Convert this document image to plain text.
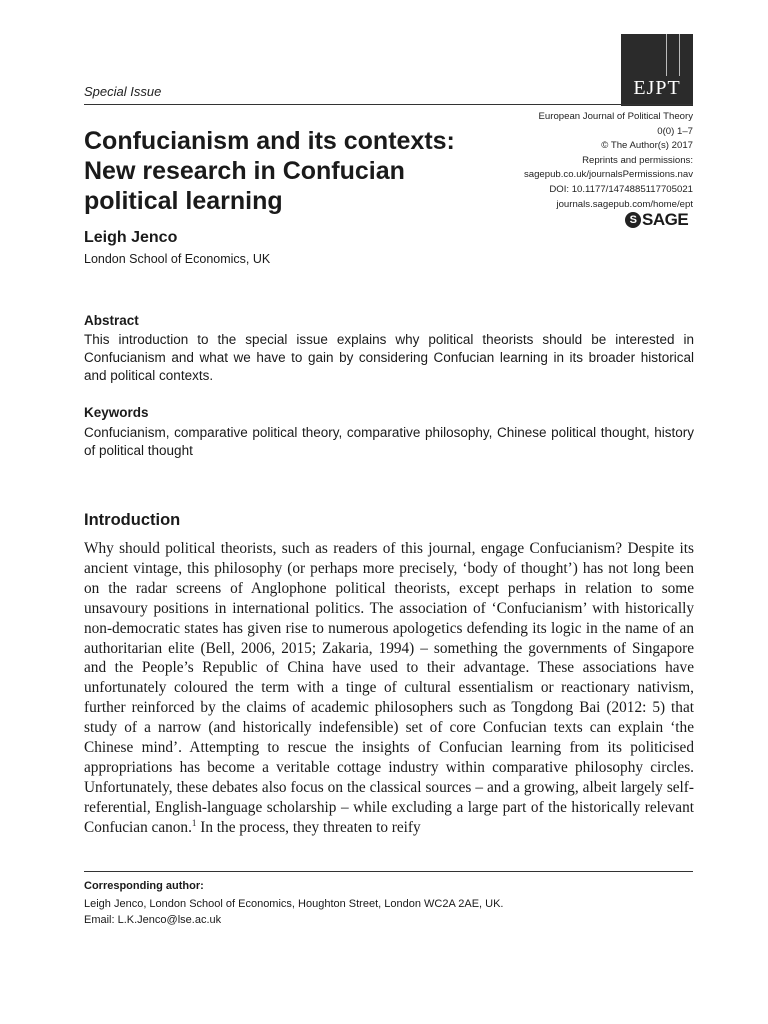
Special Issue	EJPT
Confucianism and its contexts: New research in Confucian political learning
Leigh Jenco
London School of Economics, UK
European Journal of Political Theory
0(0) 1–7
© The Author(s) 2017
Reprints and permissions:
sagepub.co.uk/journalsPermissions.nav
DOI: 10.1177/1474885117705021
journals.sagepub.com/home/ept
S SAGE
Abstract
This introduction to the special issue explains why political theorists should be interested in Confucianism and what we have to gain by considering Confucian learning in its broader historical and political contexts.
Keywords
Confucianism, comparative political theory, comparative philosophy, Chinese political thought, history of political thought
Introduction
Why should political theorists, such as readers of this journal, engage Confucianism? Despite its ancient vintage, this philosophy (or perhaps more precisely, ‘body of thought’) has not long been on the radar screens of Anglophone political theorists, except perhaps in relation to some unsavoury positions in international politics. The association of ‘Confucianism’ with historically non-democratic states has given rise to numerous apologetics defending its logic in the name of an authoritarian elite (Bell, 2006, 2015; Zakaria, 1994) – something the governments of Singapore and the People’s Republic of China have used to their advantage. These associations have unfortunately coloured the term with a tinge of cultural essentialism or reactionary nativism, further reinforced by the claims of academic philosophers such as Tongdong Bai (2012: 5) that study of a narrow (and historically indefensible) set of core Confucian texts can explain ‘the Chinese mind’. Attempting to rescue the insights of Confucian learning from its politicised appropriations has become a veritable cottage industry within comparative philosophy circles. Unfortunately, these debates also focus on the classical sources – and a growing, albeit largely self-referential, English-language scholarship – while excluding a large part of the historically relevant Confucian canon.$^1$ In the process, they threaten to reify
Corresponding author:
Leigh Jenco, London School of Economics, Houghton Street, London WC2A 2AE, UK.
Email: L.K.Jenco@lse.ac.uk
